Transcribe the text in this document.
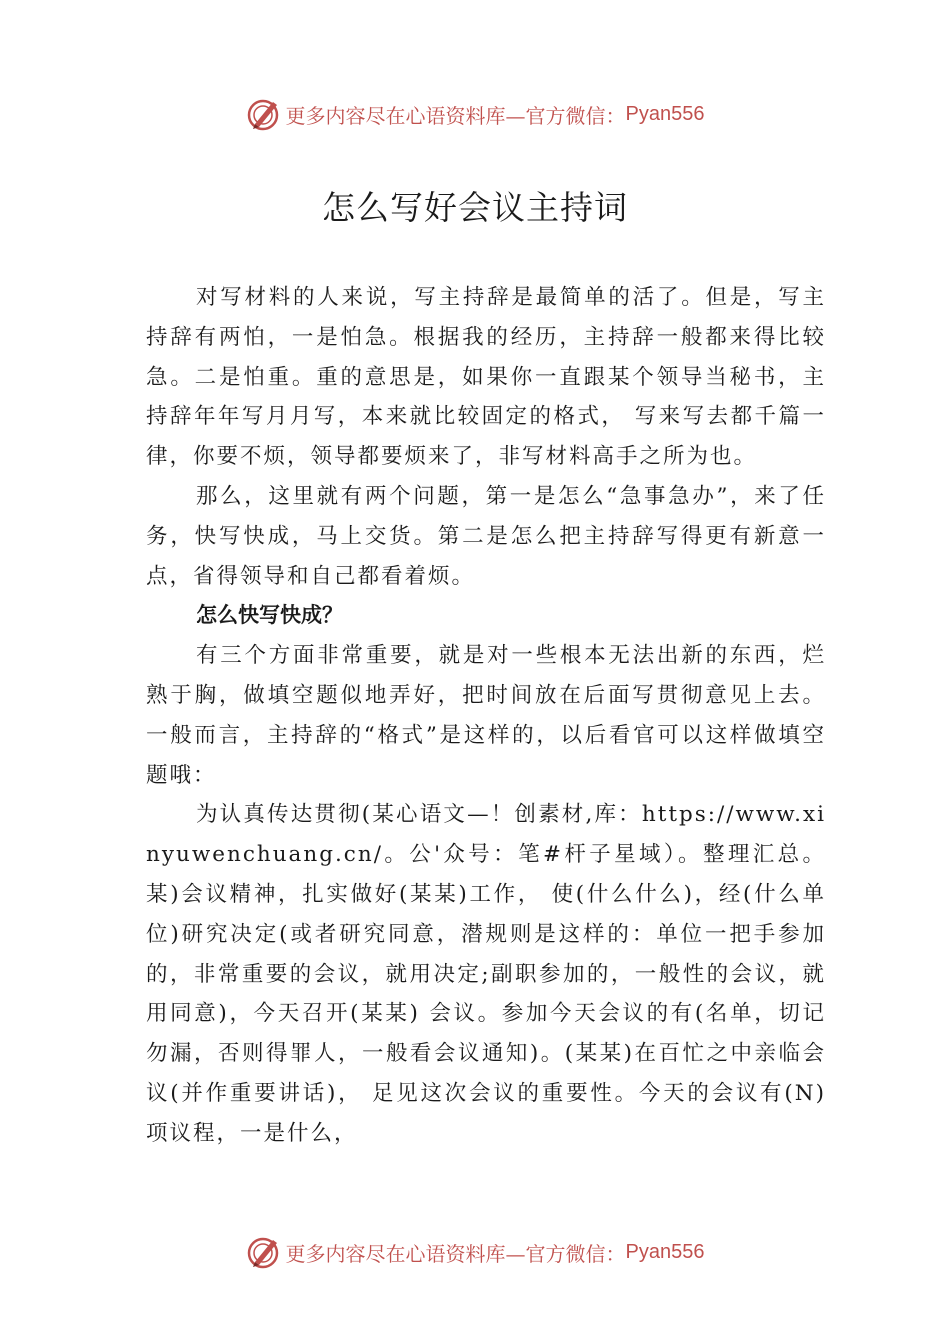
更多内容尽在心语资料库—官方微信： Pyan556
怎么写好会议主持词

对写材料的人来说，写主持辞是最简单的活了。但是，写主持辞有两怕，一是怕急。根据我的经历，主持辞一般都来得比较急。二是怕重。重的意思是，如果你一直跟某个领导当秘书，主持辞年年写月月写，本来就比较固定的格式， 写来写去都千篇一律，你要不烦，领导都要烦来了，非写材料高手之所为也。

那么，这里就有两个问题，第一是怎么“急事急办”，来了任务，快写快成，马上交货。第二是怎么把主持辞写得更有新意一点，省得领导和自己都看着烦。

怎么快写快成？

有三个方面非常重要，就是对一些根本无法出新的东西，烂熟于胸，做填空题似地弄好，把时间放在后面写贯彻意见上去。一般而言，主持辞的“格式”是这样的，以后看官可以这样做填空题哦：

为认真传达贯彻(某心语文—！创素材,库：https://www.xinyuwenchuang.cn/。公'众号：笔#杆子星域）。整理汇总。某)会议精神，扎实做好(某某)工作， 使(什么什么)，经(什么单位)研究决定(或者研究同意，潜规则是这样的：单位一把手参加的，非常重要的会议，就用决定;副职参加的，一般性的会议，就用同意)，今天召开(某某) 会议。参加今天会议的有(名单，切记勿漏，否则得罪人，一般看会议通知)。(某某)在百忙之中亲临会议(并作重要讲话)， 足见这次会议的重要性。今天的会议有(N)项议程，一是什么，

更多内容尽在心语资料库—官方微信： Pyan556
